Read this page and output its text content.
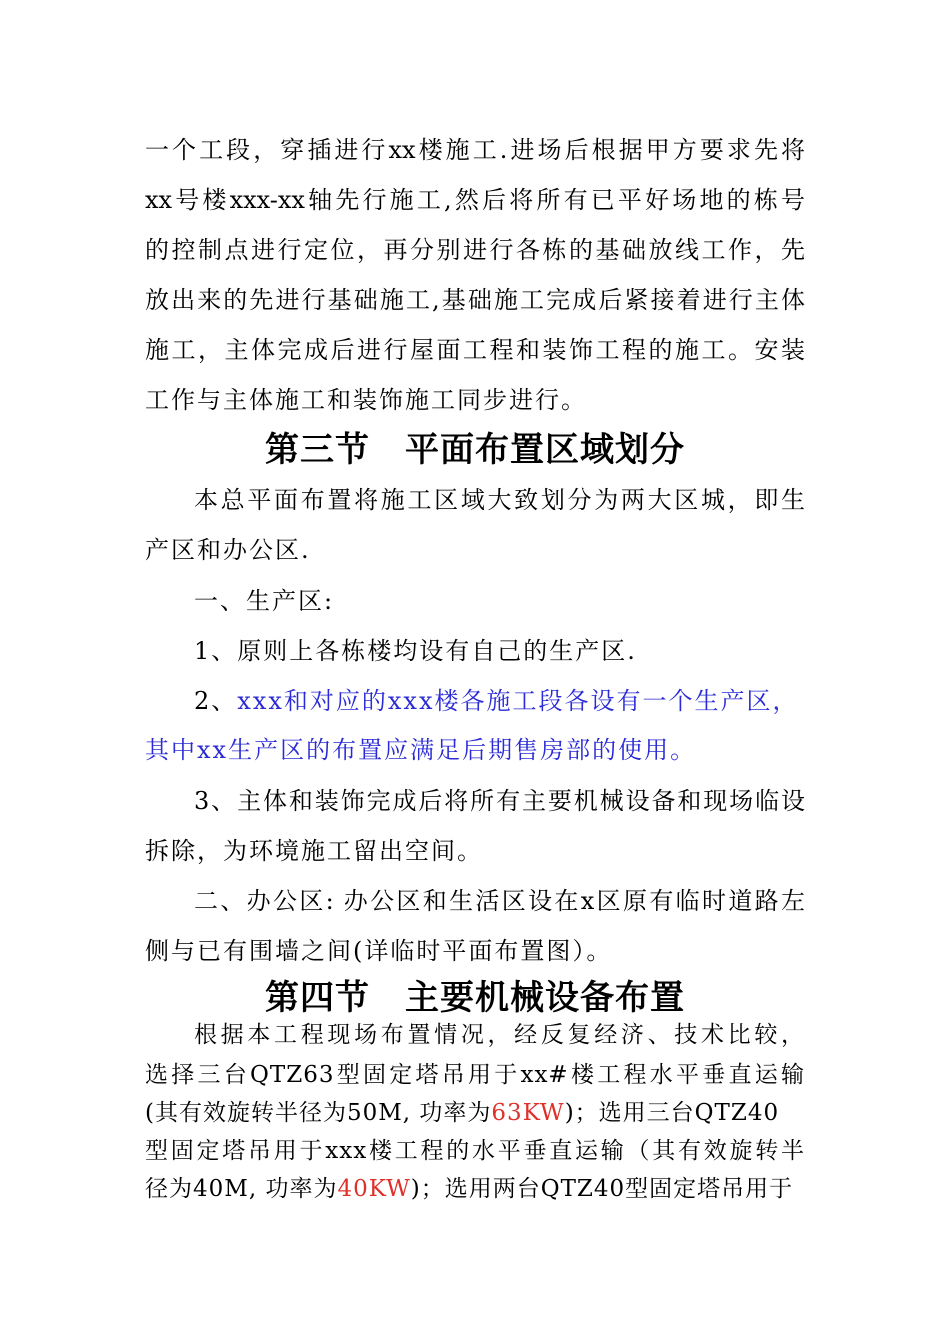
一个工段，穿插进行xx楼施工.进场后根据甲方要求先将
xx号楼xxx-xx轴先行施工,然后将所有已平好场地的栋号
的控制点进行定位，再分别进行各栋的基础放线工作，先
放出来的先进行基础施工,基础施工完成后紧接着进行主体
施工，主体完成后进行屋面工程和装饰工程的施工。安装
工作与主体施工和装饰施工同步进行。
第三节　平面布置区域划分
本总平面布置将施工区域大致划分为两大区城，即生
产区和办公区.
一、生产区:
1、原则上各栋楼均设有自己的生产区.
2、xxx和对应的xxx楼各施工段各设有一个生产区，
其中xx生产区的布置应满足后期售房部的使用。
3、主体和装饰完成后将所有主要机械设备和现场临设
拆除，为环境施工留出空间。
二、办公区: 办公区和生活区设在x区原有临时道路左
侧与已有围墙之间(详临时平面布置图）。
第四节　主要机械设备布置
根据本工程现场布置情况，经反复经济、技术比较，
选择三台QTZ63型固定塔吊用于xx#楼工程水平垂直运输
(其有效旋转半径为50M, 功率为63KW)；选用三台QTZ40
型固定塔吊用于xxx楼工程的水平垂直运输（其有效旋转半
径为40M, 功率为40KW)；选用两台QTZ40型固定塔吊用于
